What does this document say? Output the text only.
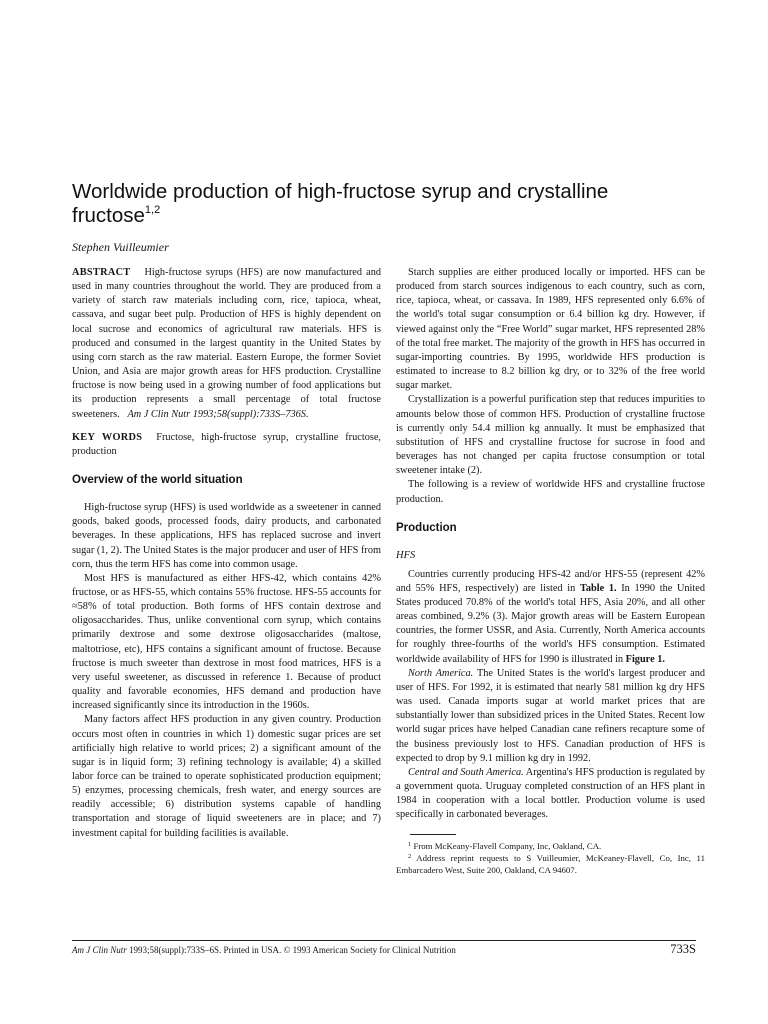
Worldwide production of high-fructose syrup and crystalline fructose$^{1,2}$
Stephen Vuilleumier

ABSTRACT High-fructose syrups (HFS) are now manufactured and used in many countries throughout the world. They are produced from a variety of starch raw materials including corn, rice, tapioca, wheat, cassava, and sugar beet pulp. Production of HFS is highly dependent on local sucrose and economics of agricultural raw materials. HFS is produced and consumed in the largest quantity in the United States by using corn starch as the raw material. Eastern Europe, the former Soviet Union, and Asia are major growth areas for HFS production. Crystalline fructose is now being used in a growing number of food applications but its production represents a small percentage of total fructose sweeteners. Am J Clin Nutr 1993;58(suppl):733S–736S.

KEY WORDS Fructose, high-fructose syrup, crystalline fructose, production

Overview of the world situation

High-fructose syrup (HFS) is used worldwide as a sweetener in canned goods, baked goods, processed foods, dairy products, and carbonated beverages. In these applications, HFS has replaced sucrose and invert sugar (1, 2). The United States is the major producer and user of HFS from corn, thus the term HFS has come into common usage.

Most HFS is manufactured as either HFS-42, which contains 42% fructose, or as HFS-55, which contains 55% fructose. HFS-55 accounts for ≈58% of total production. Both forms of HFS contain dextrose and oligosaccharides. Thus, unlike conventional corn syrup, which contains primarily dextrose and some dextrose oligosaccharides (maltose, maltotriose, etc), HFS contains a significant amount of fructose. Because fructose is much sweeter than dextrose in most food matrices, HFS is a very useful sweetener, as discussed in reference 1. Because of product quality and favorable economies, HFS demand and production have increased significantly since its introduction in the 1960s.

Many factors affect HFS production in any given country. Production occurs most often in countries in which 1) domestic sugar prices are set artificially high relative to world prices; 2) a significant amount of the sugar is in liquid form; 3) refining technology is available; 4) a skilled labor force can be trained to operate sophisticated production equipment; 5) enzymes, processing chemicals, fresh water, and energy sources are readily accessible; 6) distribution systems capable of handling transportation and storage of liquid sweeteners are in place; and 7) investment capital for building facilities is available.

Starch supplies are either produced locally or imported. HFS can be produced from starch sources indigenous to each country, such as corn, rice, tapioca, wheat, or cassava. In 1989, HFS represented only 6.6% of the world's total sugar consumption or 6.4 billion kg dry. However, if viewed against only the “Free World” sugar market, HFS represented 28% of the total free market. The majority of the growth in HFS has occurred in sugar-importing countries. By 1995, worldwide HFS production is estimated to increase to 8.2 billion kg dry, or to 32% of the free world sugar market.

Crystallization is a powerful purification step that reduces impurities to amounts below those of common HFS. Production of crystalline fructose is currently only 54.4 million kg annually. It must be emphasized that substitution of HFS and crystalline fructose for sucrose in food and beverages has not changed per capita fructose consumption or total sweetener intake (2).

The following is a review of worldwide HFS and crystalline fructose production.

Production
HFS

Countries currently producing HFS-42 and/or HFS-55 (represent 42% and 55% HFS, respectively) are listed in Table 1. In 1990 the United States produced 70.8% of the world's total HFS, Asia 20%, and all other areas combined, 9.2% (3). Major growth areas will be Eastern European countries, the former USSR, and Asia. Currently, North America accounts for roughly three-fourths of the world's HFS consumption. Estimated worldwide availability of HFS for 1990 is illustrated in Figure 1.

North America. The United States is the world's largest producer and user of HFS. For 1992, it is estimated that nearly 581 million kg dry HFS was used. Canada imports sugar at world market prices that are substantially lower than subsidized prices in the United States. Recent low world sugar prices have helped Canadian cane refiners recapture some of the business previously lost to HFS. Canadian production of HFS is expected to drop by 9.1 million kg dry in 1992.

Central and South America. Argentina's HFS production is regulated by a government quota. Uruguay completed construction of an HFS plant in 1984 in cooperation with a local bottler. Production volume is used specifically in carbonated beverages.

$^1$ From McKeany-Flavell Company, Inc, Oakland, CA.

$^2$ Address reprint requests to S Vuilleumier, McKeaney-Flavell, Co, Inc, 11 Embarcadero West, Suite 200, Oakland, CA 94607.

Am J Clin Nutr 1993;58(suppl):733S–6S. Printed in USA. © 1993 American Society for Clinical Nutrition	733S
